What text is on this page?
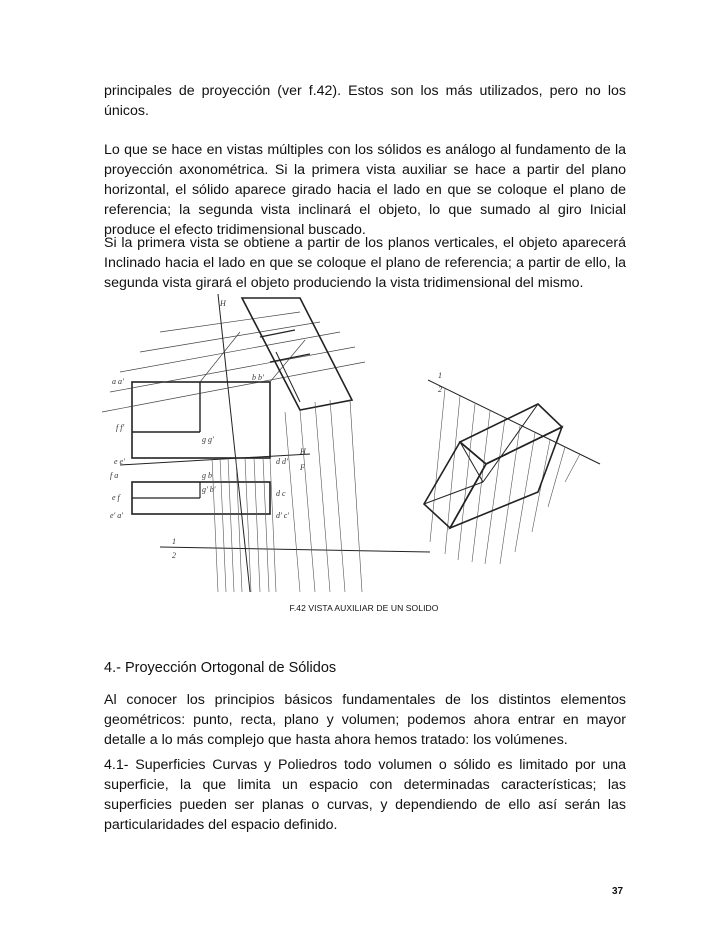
principales de proyección (ver f.42). Estos son los más utilizados, pero no los únicos.

Lo que se hace en vistas múltiples con los sólidos es análogo al fundamento de la proyección axonométrica. Si la primera vista auxiliar se hace a partir del plano horizontal, el sólido aparece girado hacia el lado en que se coloque el plano de referencia; la segunda vista inclinará el objeto, lo que sumado al giro Inicial produce el efecto tridimensional buscado.

Si la primera vista se obtiene a partir de los planos verticales, el objeto aparecerá Inclinado hacia el lado en que se coloque el plano de referencia; a partir de ello, la segunda vista girará el objeto produciendo la vista tridimensional del mismo.

a a'	b b'
f f'
g g'
e e'	d d'
H
F
f a	g b
e f
g' b'
e' a'
d c
d' c'
1
2
H
1
2
F.42 VISTA AUXILIAR DE UN SOLIDO
4.- Proyección Ortogonal de Sólidos

Al conocer los principios básicos fundamentales de los distintos elementos geométricos: punto, recta, plano y volumen; podemos ahora entrar en mayor detalle a lo más complejo que hasta ahora hemos tratado: los volúmenes.

4.1- Superficies Curvas y Poliedros todo volumen o sólido es limitado por una superficie, la que limita un espacio con determinadas características; las superficies pueden ser planas o curvas, y dependiendo de ello así serán las particularidades del espacio definido.

37
